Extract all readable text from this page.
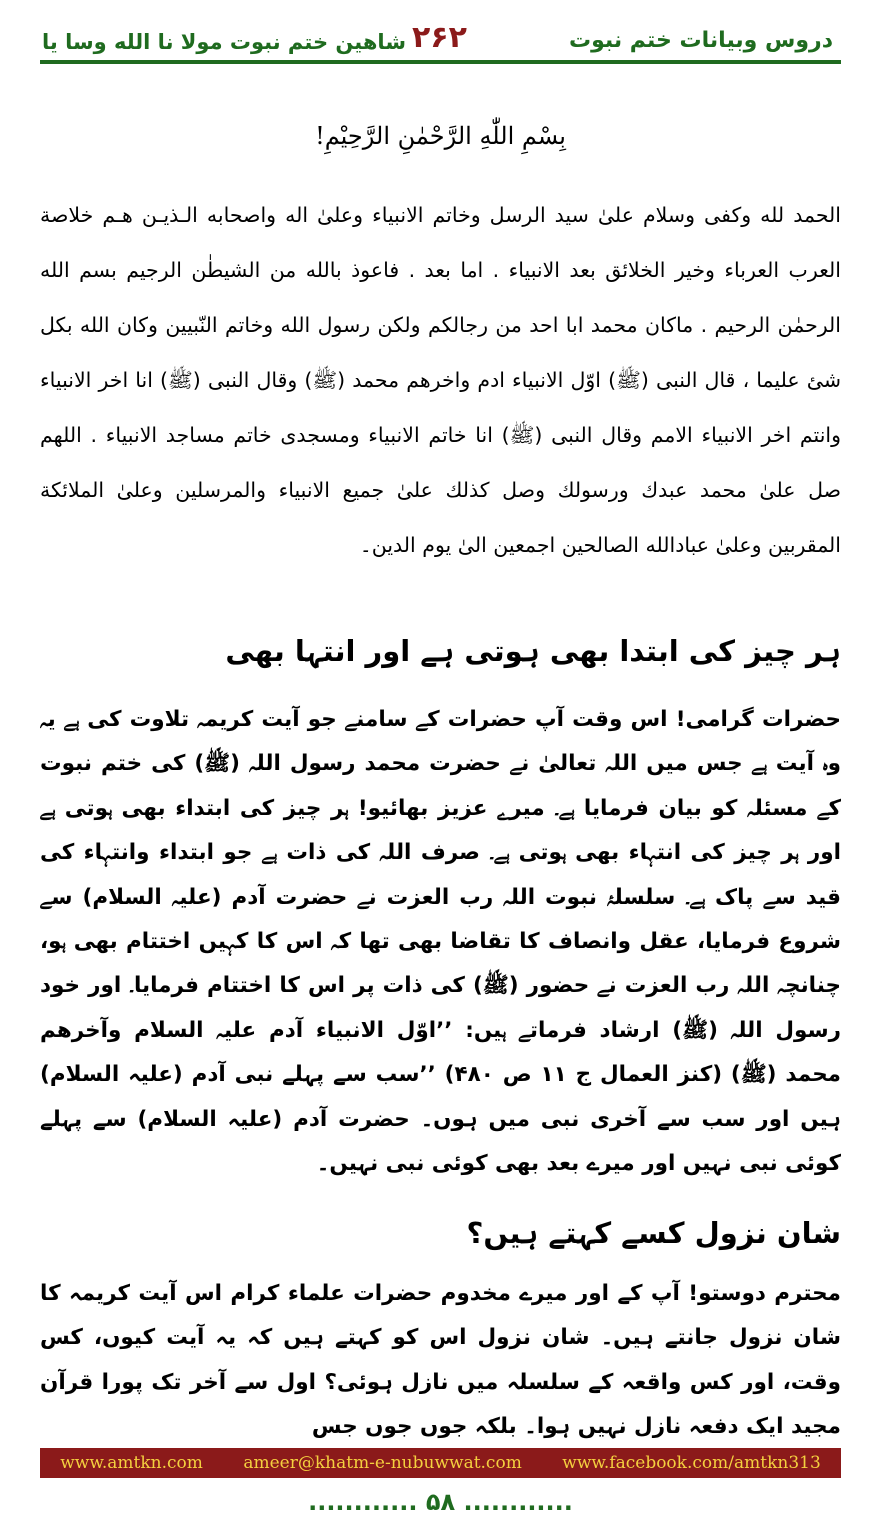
دروس وبیانات ختم نبوت
۲۶۲
شاهین ختم نبوت مولا نا الله وسا یا
بِسْمِ اللّٰهِ الرَّحْمٰنِ الرَّحِيْمِ!

الحمد لله وكفى وسلام علىٰ سيد الرسل وخاتم الانبياء وعلىٰ اله واصحابه الـذيـن هـم خلاصة العرب العرباء وخير الخلائق بعد الانبياء . اما بعد . فاعوذ بالله من الشيطٰن الرجيم بسم الله الرحمٰن الرحيم . ماكان محمد ابا احد من رجالكم ولكن رسول الله وخاتم النّبيين وكان الله بكل شئ عليما ، قال النبى (ﷺ) اوّل الانبياء ادم واخرهم محمد (ﷺ) وقال النبى (ﷺ) انا اخر الانبياء وانتم اخر الانبياء الامم وقال النبى (ﷺ) انا خاتم الانبياء ومسجدى خاتم مساجد الانبياء . اللهم صل علىٰ محمد عبدك ورسولك وصل كذلك علىٰ جميع الانبياء والمرسلين وعلىٰ الملائكة المقربين وعلىٰ عبادالله الصالحين اجمعين الىٰ يوم الدين۔

ہر چیز کی ابتدا بھی ہوتی ہے اور انتہا بھی

حضرات گرامی! اس وقت آپ حضرات کے سامنے جو آیت کریمہ تلاوت کی ہے یہ وہ آیت ہے جس میں اللہ تعالیٰ نے حضرت محمد رسول اللہ (ﷺ) کی ختم نبوت کے مسئلہ کو بیان فرمایا ہے۔ میرے عزیز بھائیو! ہر چیز کی ابتداء بھی ہوتی ہے اور ہر چیز کی انتہاء بھی ہوتی ہے۔ صرف اللہ کی ذات ہے جو ابتداء وانتہاء کی قید سے پاک ہے۔ سلسلۂ نبوت اللہ رب العزت نے حضرت آدم (علیہ السلام) سے شروع فرمایا، عقل وانصاف کا تقاضا بھی تھا کہ اس کا کہیں اختتام بھی ہو، چنانچہ اللہ رب العزت نے حضور (ﷺ) کی ذات پر اس کا اختتام فرمایا۔ اور خود رسول اللہ (ﷺ) ارشاد فرماتے ہیں: ’’اوّل الانبیاء آدم علیہ السلام وآخرھم محمد (ﷺ) (کنز العمال ج ۱۱ ص ۴۸۰) ’’سب سے پہلے نبی آدم (علیہ السلام) ہیں اور سب سے آخری نبی میں ہوں۔ حضرت آدم (علیہ السلام) سے پہلے کوئی نبی نہیں اور میرے بعد بھی کوئی نبی نہیں۔

شان نزول کسے کہتے ہیں؟

محترم دوستو! آپ کے اور میرے مخدوم حضرات علماء کرام اس آیت کریمہ کا شان نزول جانتے ہیں۔ شان نزول اس کو کہتے ہیں کہ یہ آیت کیوں، کس وقت، اور کس واقعہ کے سلسلہ میں نازل ہوئی؟ اول سے آخر تک پورا قرآن مجید ایک دفعہ نازل نہیں ہوا۔ بلکہ جوں جوں جس

www.amtkn.com ameer@khatm-e-nubuwwat.com www.facebook.com/amtkn313
............ ۵۸ ............
